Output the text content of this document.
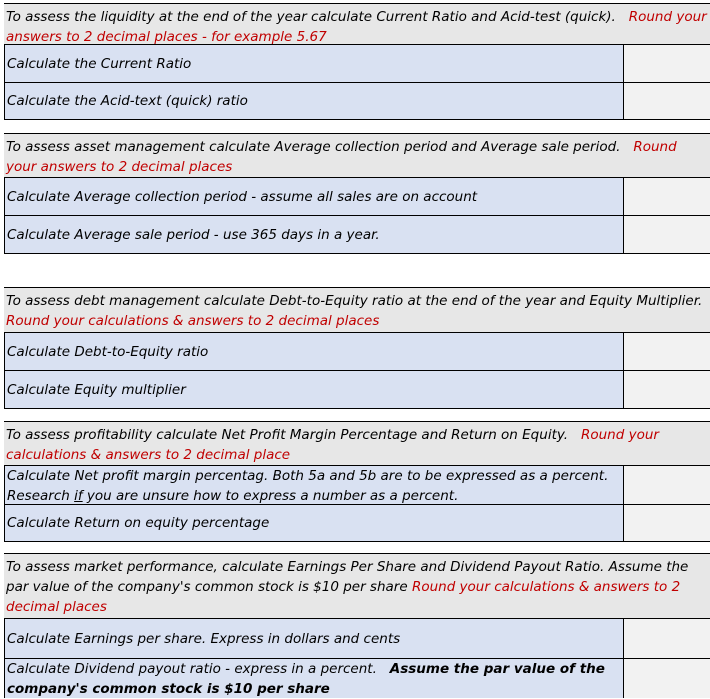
To assess the liquidity at the end of the year calculate Current Ratio and Acid-test (quick). Round your answers to 2 decimal places - for example 5.67
Calculate the Current Ratio
Calculate the Acid-text (quick) ratio
To assess asset management calculate Average collection period and Average sale period. Round your answers to 2 decimal places
Calculate Average collection period - assume all sales are on account
Calculate Average sale period - use 365 days in a year.
To assess debt management calculate Debt-to-Equity ratio at the end of the year and Equity Multiplier. Round your calculations & answers to 2 decimal places
Calculate Debt-to-Equity ratio
Calculate Equity multiplier
To assess profitability calculate Net Profit Margin Percentage and Return on Equity. Round your calculations & answers to 2 decimal place
Calculate Net profit margin percentag. Both 5a and 5b are to be expressed as a percent.
Research if you are unsure how to express a number as a percent.
Calculate Return on equity percentage
To assess market performance, calculate Earnings Per Share and Dividend Payout Ratio. Assume the par value of the company's common stock is $10 per share Round your calculations & answers to 2 decimal places
Calculate Earnings per share. Express in dollars and cents
Calculate Dividend payout ratio - express in a percent. Assume the par value of the company's common stock is $10 per share
